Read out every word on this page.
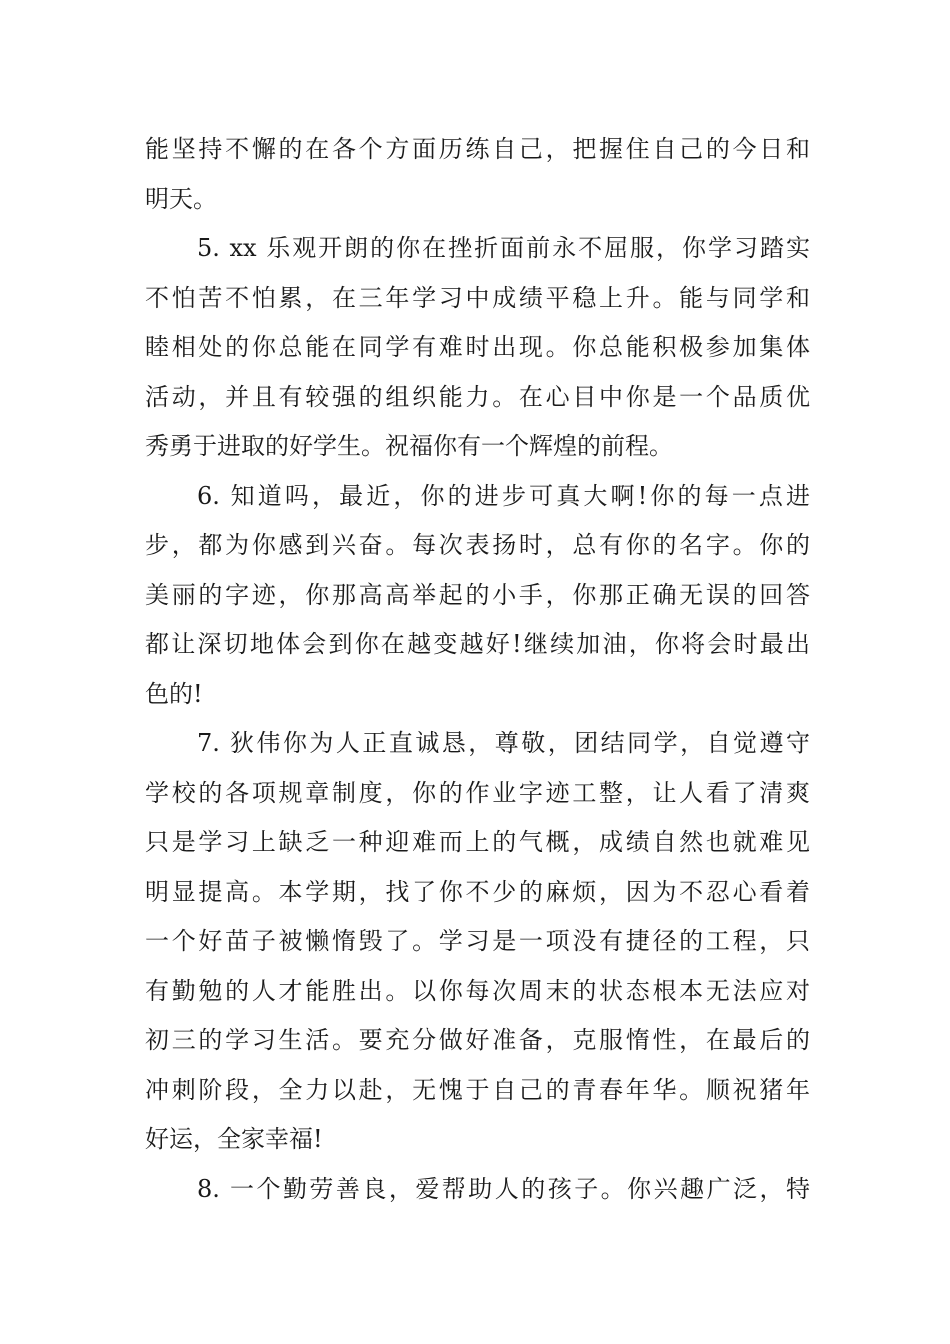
能坚持不懈的在各个方面历练自己，把握住自己的今日和
明天。
5. xx 乐观开朗的你在挫折面前永不屈服，你学习踏实
不怕苦不怕累，在三年学习中成绩平稳上升。能与同学和
睦相处的你总能在同学有难时出现。你总能积极参加集体
活动，并且有较强的组织能力。在心目中你是一个品质优
秀勇于进取的好学生。祝福你有一个辉煌的前程。
6. 知道吗，最近，你的进步可真大啊!你的每一点进
步，都为你感到兴奋。每次表扬时，总有你的名字。你的
美丽的字迹，你那高高举起的小手，你那正确无误的回答
都让深切地体会到你在越变越好!继续加油，你将会时最出
色的!
7. 狄伟你为人正直诚恳，尊敬，团结同学，自觉遵守
学校的各项规章制度，你的作业字迹工整，让人看了清爽
只是学习上缺乏一种迎难而上的气概，成绩自然也就难见
明显提高。本学期，找了你不少的麻烦，因为不忍心看着
一个好苗子被懒惰毁了。学习是一项没有捷径的工程，只
有勤勉的人才能胜出。以你每次周末的状态根本无法应对
初三的学习生活。要充分做好准备，克服惰性，在最后的
冲刺阶段，全力以赴，无愧于自己的青春年华。顺祝猪年
好运，全家幸福!
8. 一个勤劳善良，爱帮助人的孩子。你兴趣广泛，特
